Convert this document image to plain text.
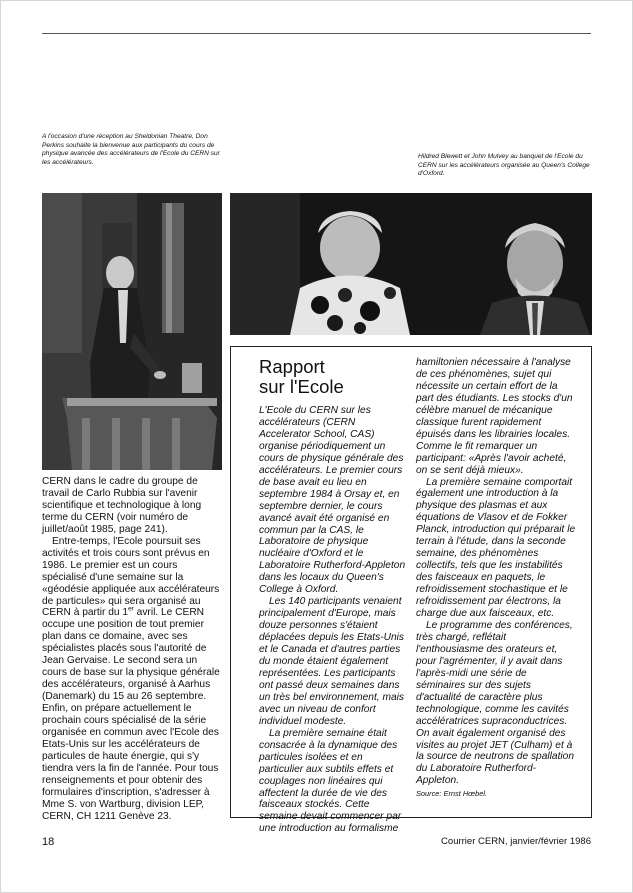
A l'occasion d'une réception au Sheldonian Theatre, Don Perkins souhaite la bienvenue aux participants du cours de physique avancée des accélérateurs de l'Ecole du CERN sur les accélérateurs.
Hildred Blewett et John Mulvey au banquet de l'Ecole du CERN sur les accélérateurs organisée au Queen's College d'Oxford.

CERN dans le cadre du groupe de travail de Carlo Rubbia sur l'avenir scientifique et technologique à long terme du CERN (voir numéro de juillet/août 1985, page 241).

Entre-temps, l'Ecole poursuit ses activités et trois cours sont prévus en 1986. Le premier est un cours spécialisé d'une semaine sur la «géodésie appliquée aux accélérateurs de particules» qui sera organisé au CERN à partir du 1er avril. Le CERN occupe une position de tout premier plan dans ce domaine, avec ses spécialistes placés sous l'autorité de Jean Gervaise. Le second sera un cours de base sur la physique générale des accélérateurs, organisé à Aarhus (Danemark) du 15 au 26 septembre. Enfin, on prépare actuellement le prochain cours spécialisé de la série organisée en commun avec l'Ecole des Etats-Unis sur les accélérateurs de particules de haute énergie, qui s'y tiendra vers la fin de l'année. Pour tous renseignements et pour obtenir des formulaires d'inscription, s'adresser à Mme S. von Wartburg, division LEP, CERN, CH 1211 Genève 23.

Rapport
sur l'Ecole

L'Ecole du CERN sur les accélérateurs (CERN Accelerator School, CAS) organise périodiquement un cours de physique générale des accélérateurs. Le premier cours de base avait eu lieu en septembre 1984 à Orsay et, en septembre dernier, le cours avancé avait été organisé en commun par la CAS, le Laboratoire de physique nucléaire d'Oxford et le Laboratoire Rutherford-Appleton dans les locaux du Queen's College à Oxford.

Les 140 participants venaient principalement d'Europe, mais douze personnes s'étaient déplacées depuis les Etats-Unis et le Canada et d'autres parties du monde étaient également représentées. Les participants ont passé deux semaines dans un très bel environnement, mais avec un niveau de confort individuel modeste.

La première semaine était consacrée à la dynamique des particules isolées et en particulier aux subtils effets et couplages non linéaires qui affectent la durée de vie des faisceaux stockés. Cette semaine devait commencer par une introduction au formalisme

hamiltonien nécessaire à l'analyse de ces phénomènes, sujet qui nécessite un certain effort de la part des étudiants. Les stocks d'un célèbre manuel de mécanique classique furent rapidement épuisés dans les librairies locales. Comme le fit remarquer un participant: «Après l'avoir acheté, on se sent déjà mieux».

La première semaine comportait également une introduction à la physique des plasmas et aux équations de Vlasov et de Fokker Planck, introduction qui préparait le terrain à l'étude, dans la seconde semaine, des phénomènes collectifs, tels que les instabilités des faisceaux en paquets, le refroidissement stochastique et le refroidissement par électrons, la charge due aux faisceaux, etc.

Le programme des conférences, très chargé, reflétait l'enthousiasme des orateurs et, pour l'agrémenter, il y avait dans l'après-midi une série de séminaires sur des sujets d'actualité de caractère plus technologique, comme les cavités accélératrices supraconductrices. On avait également organisé des visites au projet JET (Culham) et à la source de neutrons de spallation du Laboratoire Rutherford-Appleton.

Source: Ernst Hœbel.

18	Courrier CERN, janvier/février 1986
